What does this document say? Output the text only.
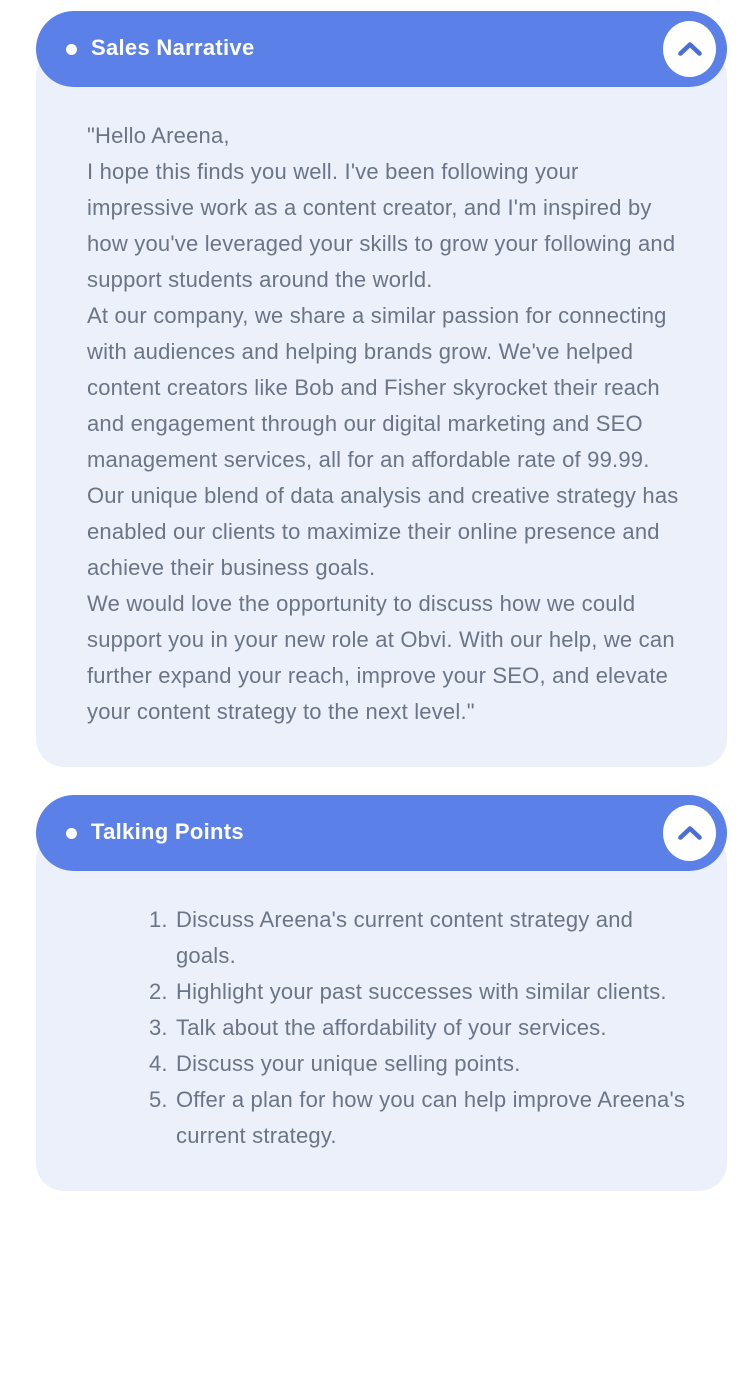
Sales Narrative

"Hello Areena,

I hope this finds you well. I've been following your impressive work as a content creator, and I'm inspired by how you've leveraged your skills to grow your following and support students around the world.

At our company, we share a similar passion for connecting with audiences and helping brands grow. We've helped content creators like Bob and Fisher skyrocket their reach and engagement through our digital marketing and SEO management services, all for an affordable rate of 99.99. Our unique blend of data analysis and creative strategy has enabled our clients to maximize their online presence and achieve their business goals.

We would love the opportunity to discuss how we could support you in your new role at Obvi. With our help, we can further expand your reach, improve your SEO, and elevate your content strategy to the next level."

Talking Points
1. Discuss Areena's current content strategy and goals.
2. Highlight your past successes with similar clients.
3. Talk about the affordability of your services.
4. Discuss your unique selling points.
5. Offer a plan for how you can help improve Areena's current strategy.
